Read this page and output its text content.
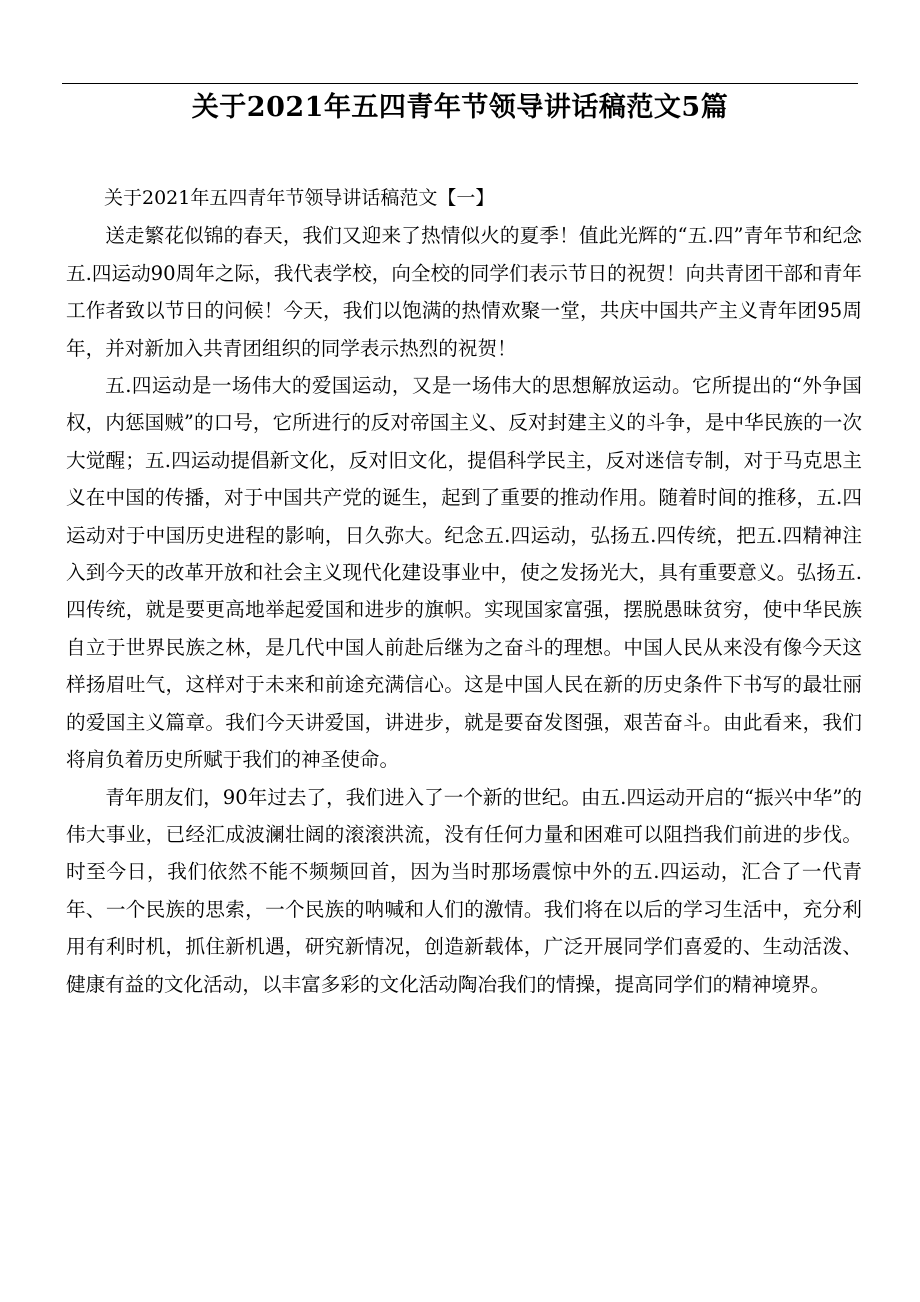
关于2021年五四青年节领导讲话稿范文5篇

关于2021年五四青年节领导讲话稿范文【一】

送走繁花似锦的春天，我们又迎来了热情似火的夏季！值此光辉的“五.四”青年节和纪念五.四运动90周年之际，我代表学校，向全校的同学们表示节日的祝贺！向共青团干部和青年工作者致以节日的问候！今天，我们以饱满的热情欢聚一堂，共庆中国共产主义青年团95周年，并对新加入共青团组织的同学表示热烈的祝贺！

五.四运动是一场伟大的爱国运动，又是一场伟大的思想解放运动。它所提出的“外争国权，内惩国贼”的口号，它所进行的反对帝国主义、反对封建主义的斗争，是中华民族的一次大觉醒；五.四运动提倡新文化，反对旧文化，提倡科学民主，反对迷信专制，对于马克思主义在中国的传播，对于中国共产党的诞生，起到了重要的推动作用。随着时间的推移，五.四运动对于中国历史进程的影响，日久弥大。纪念五.四运动，弘扬五.四传统，把五.四精神注入到今天的改革开放和社会主义现代化建设事业中，使之发扬光大，具有重要意义。弘扬五.四传统，就是要更高地举起爱国和进步的旗帜。实现国家富强，摆脱愚昧贫穷，使中华民族自立于世界民族之林，是几代中国人前赴后继为之奋斗的理想。中国人民从来没有像今天这样扬眉吐气，这样对于未来和前途充满信心。这是中国人民在新的历史条件下书写的最壮丽的爱国主义篇章。我们今天讲爱国，讲进步，就是要奋发图强，艰苦奋斗。由此看来，我们将肩负着历史所赋于我们的神圣使命。

青年朋友们，90年过去了，我们进入了一个新的世纪。由五.四运动开启的“振兴中华”的伟大事业，已经汇成波澜壮阔的滚滚洪流，没有任何力量和困难可以阻挡我们前进的步伐。时至今日，我们依然不能不频频回首，因为当时那场震惊中外的五.四运动，汇合了一代青年、一个民族的思索，一个民族的呐喊和人们的激情。我们将在以后的学习生活中，充分利用有利时机，抓住新机遇，研究新情况，创造新载体，广泛开展同学们喜爱的、生动活泼、健康有益的文化活动，以丰富多彩的文化活动陶冶我们的情操，提高同学们的精神境界。
